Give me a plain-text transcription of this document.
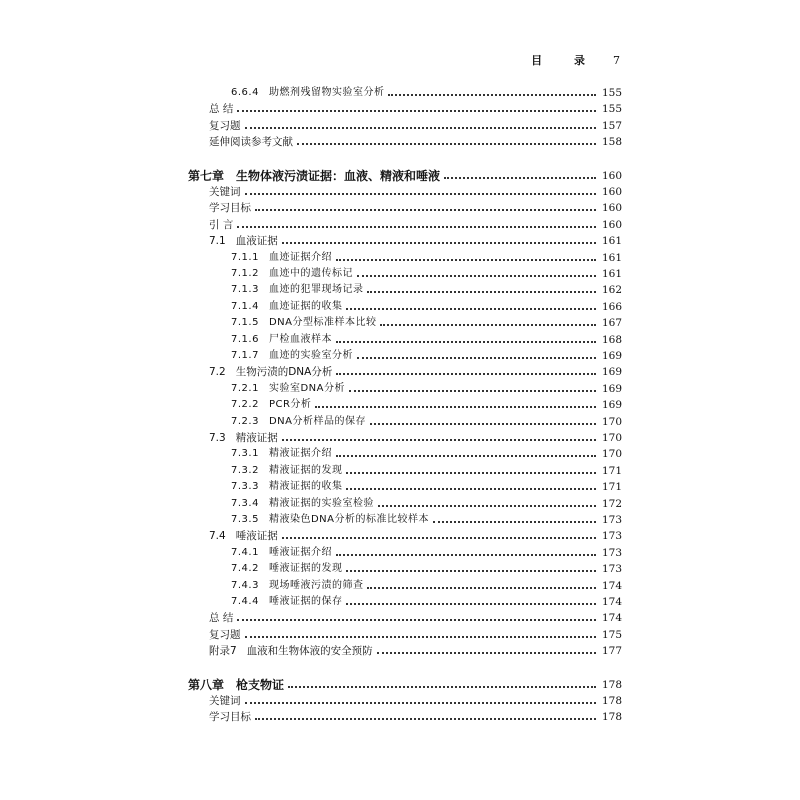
目 录 7
6.6.4 助燃剂残留物实验室分析	155
总 结	155
复习题	157
延伸阅读参考文献	158
第七章 生物体液污渍证据：血液、精液和唾液	160
关键词	160
学习目标	160
引 言	160
7.1 血液证据	161
7.1.1 血迹证据介绍	161
7.1.2 血迹中的遗传标记	161
7.1.3 血迹的犯罪现场记录	162
7.1.4 血迹证据的收集	166
7.1.5 DNA分型标准样本比较	167
7.1.6 尸检血液样本	168
7.1.7 血迹的实验室分析	169
7.2 生物污渍的DNA分析	169
7.2.1 实验室DNA分析	169
7.2.2 PCR分析	169
7.2.3 DNA分析样品的保存	170
7.3 精液证据	170
7.3.1 精液证据介绍	170
7.3.2 精液证据的发现	171
7.3.3 精液证据的收集	171
7.3.4 精液证据的实验室检验	172
7.3.5 精液染色DNA分析的标准比较样本	173
7.4 唾液证据	173
7.4.1 唾液证据介绍	173
7.4.2 唾液证据的发现	173
7.4.3 现场唾液污渍的筛查	174
7.4.4 唾液证据的保存	174
总 结	174
复习题	175
附录7 血液和生物体液的安全预防	177
第八章 枪支物证	178
关键词	178
学习目标	178
